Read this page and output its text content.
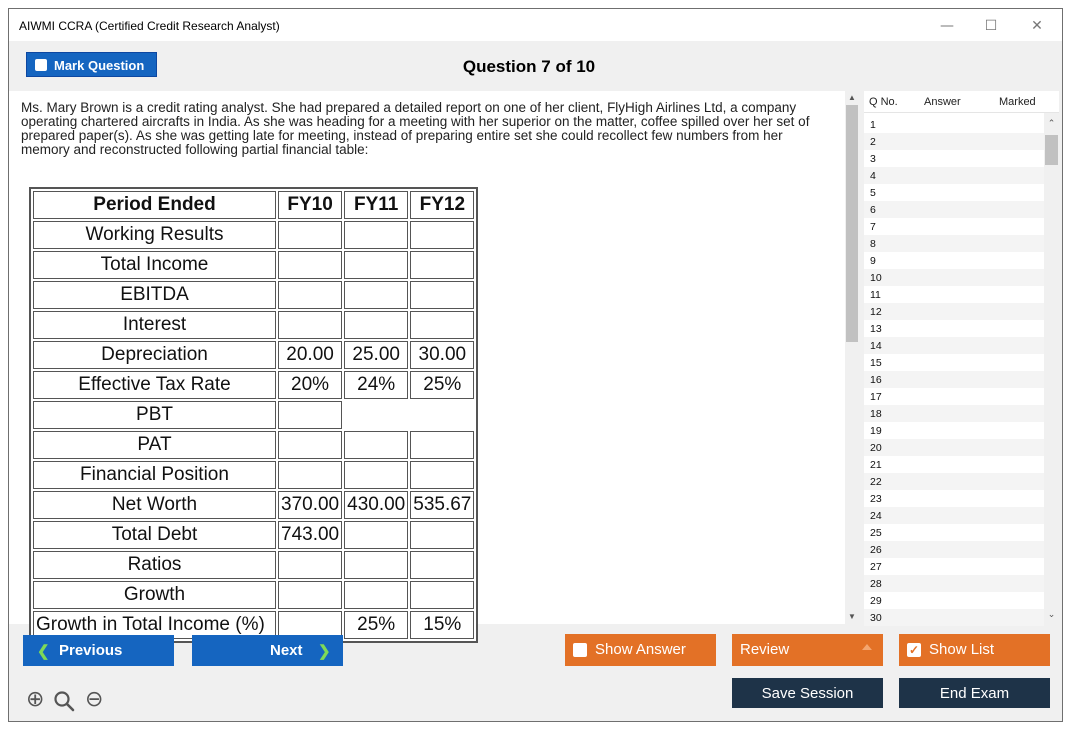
AIWMI CCRA (Certified Credit Research Analyst)	—	☐	✕
Mark Question	Question 7 of 10
Ms. Mary Brown is a credit rating analyst. She had prepared a detailed report on one of her client, FlyHigh Airlines Ltd, a company operating chartered aircrafts in India. As she was heading for a meeting with her superior on the matter, coffee spilled over her set of prepared paper(s). As she was getting late for meeting, instead of preparing entire set she could recollect few numbers from her memory and reconstructed following partial financial table:
Period Ended	FY10	FY11	FY12
Working Results			
Total Income			
EBITDA			
Interest			
Depreciation	20.00	25.00	30.00
Effective Tax Rate	20%	24%	25%
PBT			
PAT			
Financial Position			
Net Worth	370.00	430.00	535.67
Total Debt	743.00		
Ratios			
Growth			
Growth in Total Income (%)		25%	15%
▲
▼
Q No. Answer	Marked
1
2
3
4
5
6
7
8
9
10
11
12
13
14
15
16
17
18
19
20
21
22
23
24
25
26
27
28
29
30
⌃
⌄
❮ Previous	Next ❯	Show Answer	Review	✓ Show List
Save Session	End Exam
⊕ ⊖
